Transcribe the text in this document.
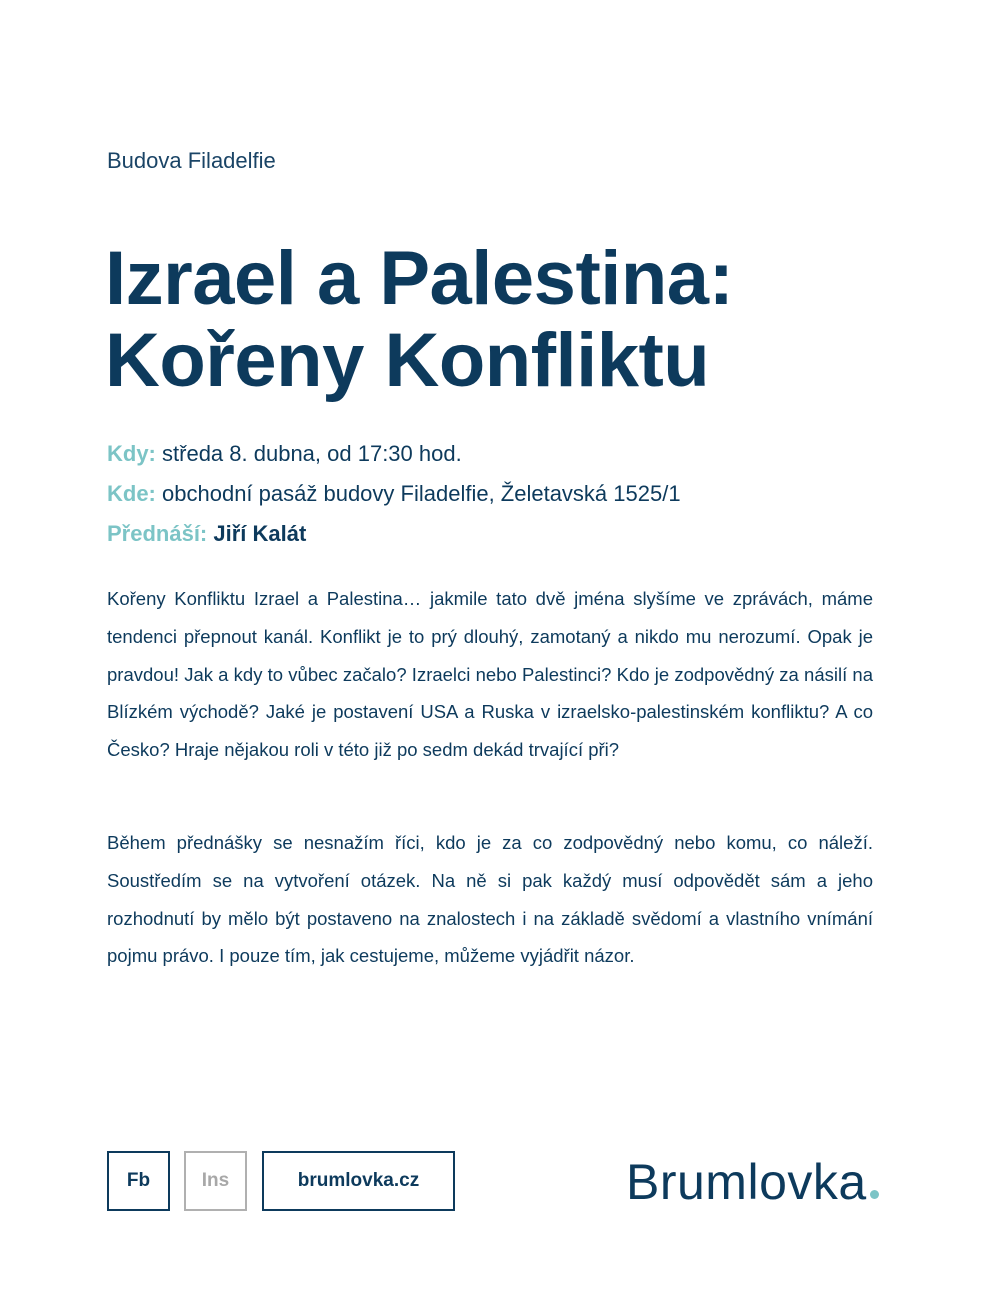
Budova Filadelfie
Izrael a Palestina:
Kořeny Konfliktu
Kdy: středa 8. dubna, od 17:30 hod.
Kde: obchodní pasáž budovy Filadelfie, Želetavská 1525/1
Přednáší: Jiří Kalát

Kořeny Konfliktu Izrael a Palestina… jakmile tato dvě jména slyšíme ve zprávách, máme tendenci přepnout kanál. Konflikt je to prý dlouhý, zamotaný a nikdo mu nerozumí. Opak je pravdou! Jak a kdy to vůbec začalo? Izraelci nebo Palestinci? Kdo je zodpovědný za násilí na Blízkém východě? Jaké je postavení USA a Ruska v izraelsko-palestinském konfliktu? A co Česko? Hraje nějakou roli v této již po sedm dekád trvající při?

Během přednášky se nesnažím říci, kdo je za co zodpovědný nebo komu, co náleží. Soustředím se na vytvoření otázek. Na ně si pak každý musí odpovědět sám a jeho rozhodnutí by mělo být postaveno na znalostech i na základě svědomí a vlastního vnímání pojmu právo. I pouze tím, jak cestujeme, můžeme vyjádřit názor.

Fb	Ins	brumlovka.cz	Brumlovka
